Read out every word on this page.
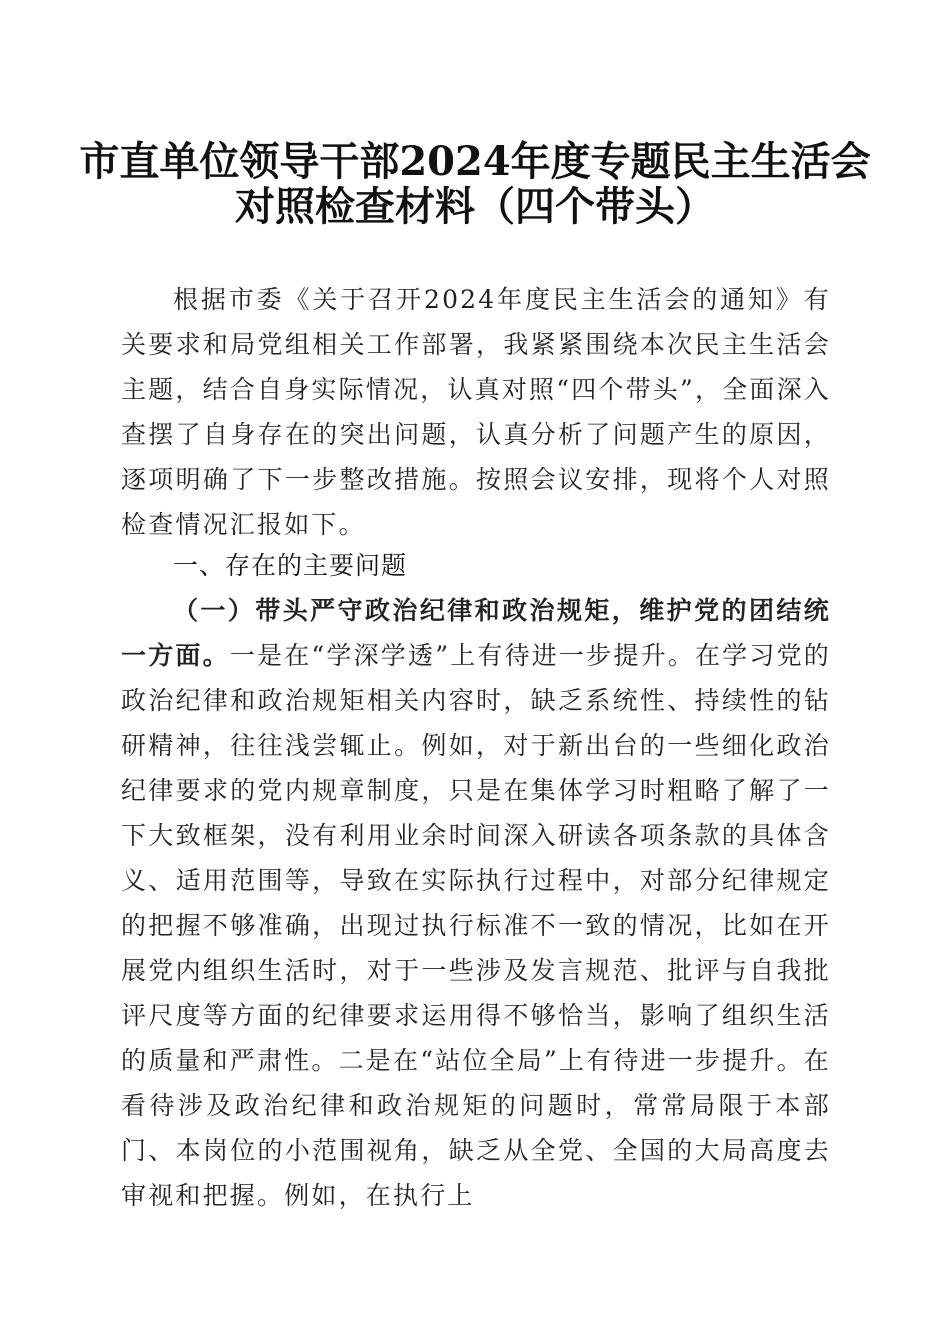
市直单位领导干部2024年度专题民主生活会
对照检查材料（四个带头）

根据市委《关于召开2024年度民主生活会的通知》有关要求和局党组相关工作部署，我紧紧围绕本次民主生活会主题，结合自身实际情况，认真对照“四个带头”，全面深入查摆了自身存在的突出问题，认真分析了问题产生的原因，逐项明确了下一步整改措施。按照会议安排，现将个人对照检查情况汇报如下。

一、存在的主要问题

（一）带头严守政治纪律和政治规矩，维护党的团结统一方面。一是在“学深学透”上有待进一步提升。在学习党的政治纪律和政治规矩相关内容时，缺乏系统性、持续性的钻研精神，往往浅尝辄止。例如，对于新出台的一些细化政治纪律要求的党内规章制度，只是在集体学习时粗略了解了一下大致框架，没有利用业余时间深入研读各项条款的具体含义、适用范围等，导致在实际执行过程中，对部分纪律规定的把握不够准确，出现过执行标准不一致的情况，比如在开展党内组织生活时，对于一些涉及发言规范、批评与自我批评尺度等方面的纪律要求运用得不够恰当，影响了组织生活的质量和严肃性。二是在“站位全局”上有待进一步提升。在看待涉及政治纪律和政治规矩的问题时，常常局限于本部门、本岗位的小范围视角，缺乏从全党、全国的大局高度去审视和把握。例如，在执行上
